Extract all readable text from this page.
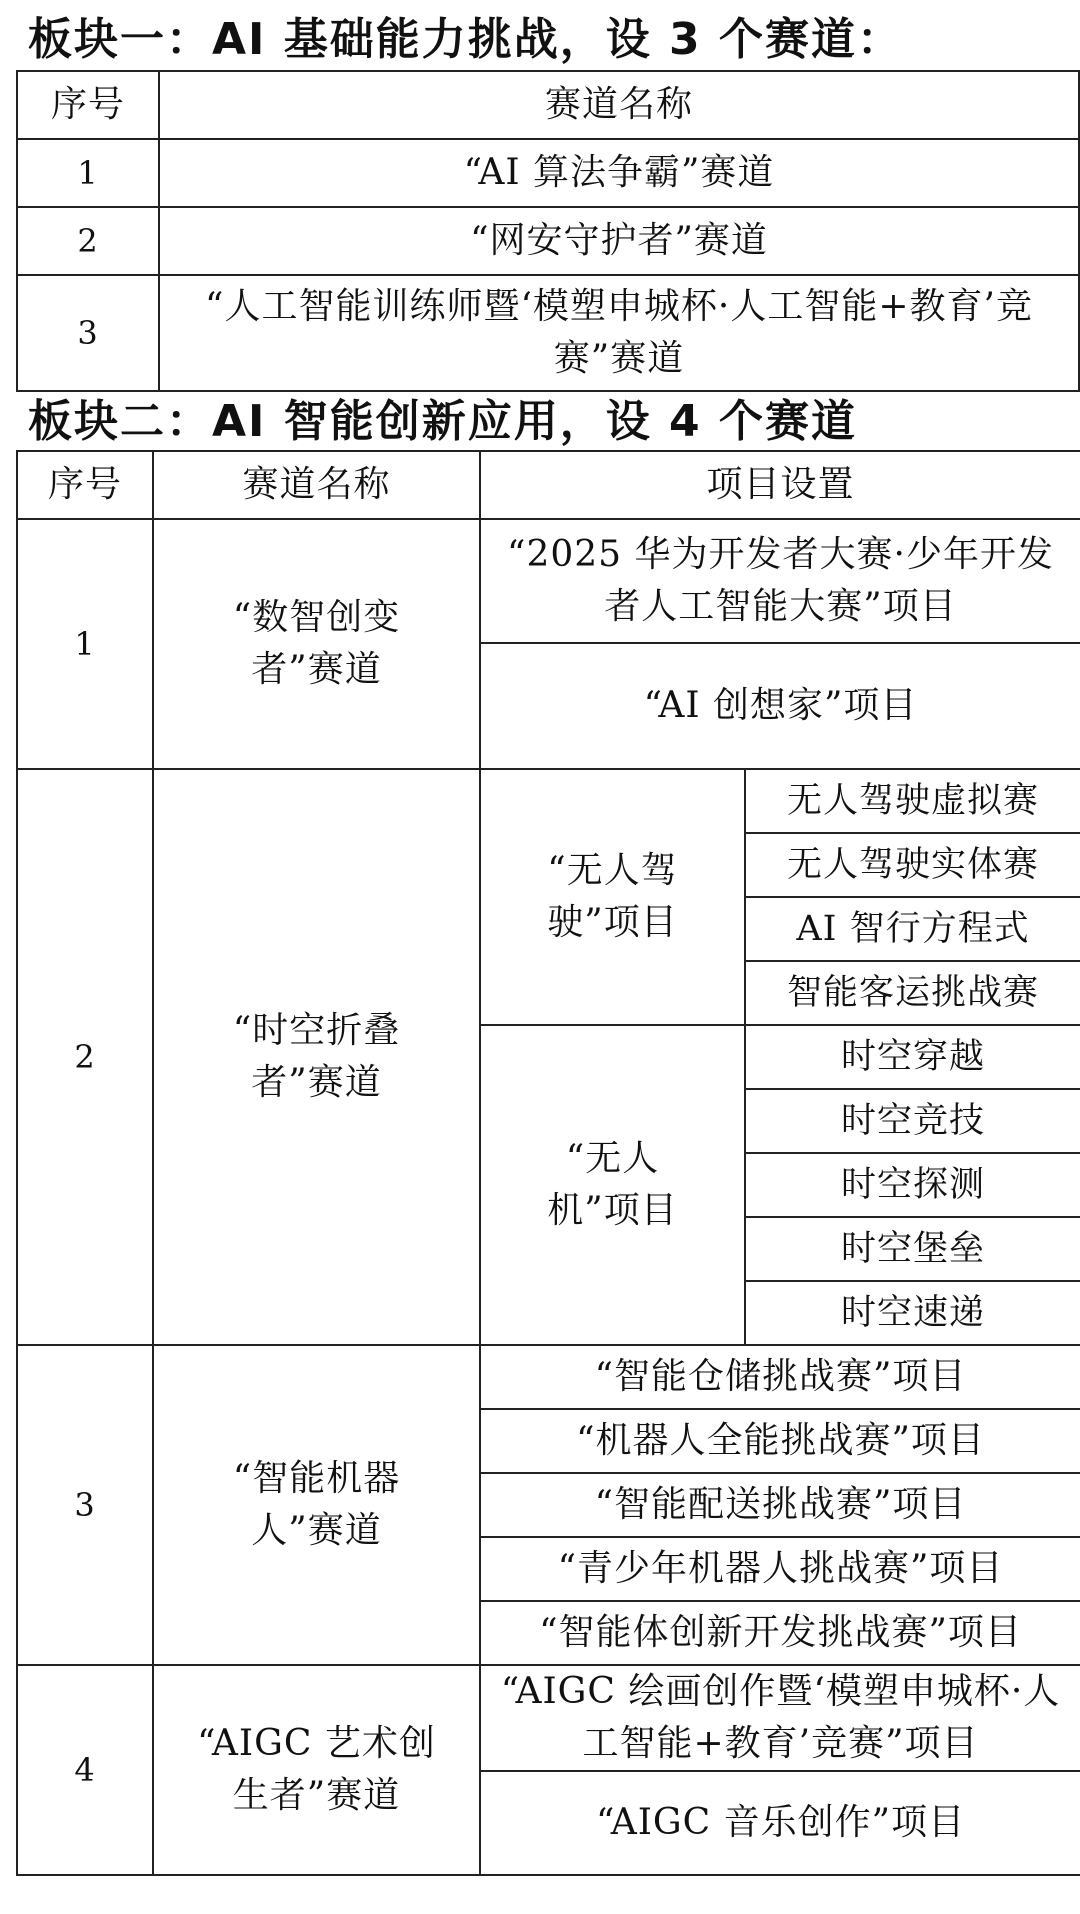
板块一：AI 基础能力挑战，设 3 个赛道：
序号	赛道名称
1	“AI 算法争霸”赛道
2	“网安守护者”赛道
3	“人工智能训练师暨‘模塑申城杯·人工智能+教育’竞赛”赛道
板块二：AI 智能创新应用，设 4 个赛道
序号	赛道名称	项目设置	
1	“数智创变者”赛道	“2025 华为开发者大赛·少年开发者人工智能大赛”项目	
		“AI 创想家”项目	
2	“时空折叠者”赛道	“无人驾驶”项目	无人驾驶虚拟赛
			无人驾驶实体赛
			AI 智行方程式
			智能客运挑战赛
		“无人机”项目	时空穿越
			时空竞技
			时空探测
			时空堡垒
			时空速递
3	“智能机器人”赛道	“智能仓储挑战赛”项目	
		“机器人全能挑战赛”项目	
		“智能配送挑战赛”项目	
		“青少年机器人挑战赛”项目	
		“智能体创新开发挑战赛”项目	
4	“AIGC 艺术创生者”赛道	“AIGC 绘画创作暨‘模塑申城杯·人工智能+教育’竞赛”项目	
		“AIGC 音乐创作”项目	
